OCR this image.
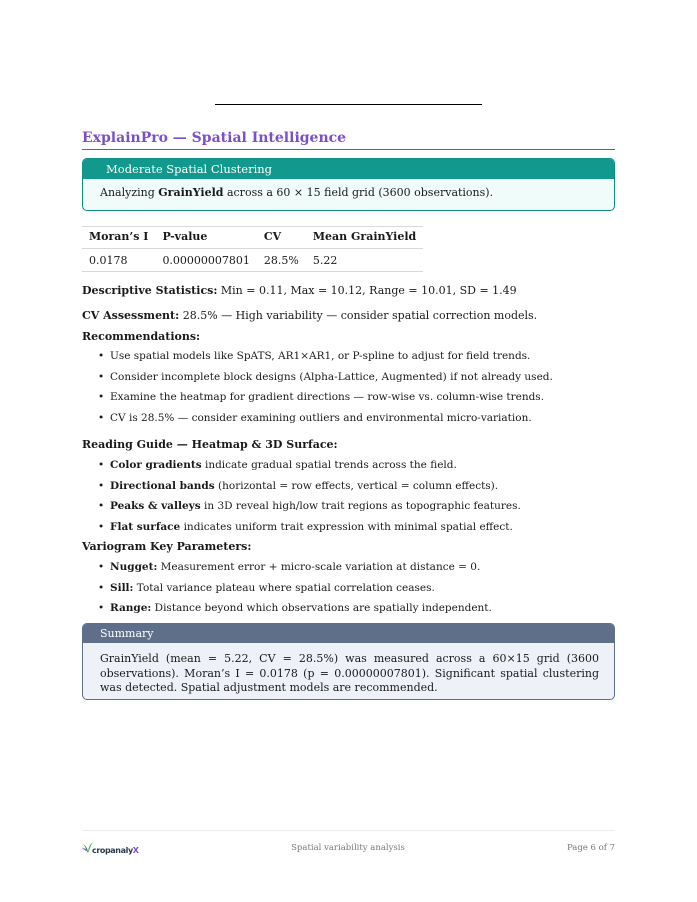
ExplainPro — Spatial Intelligence
Moderate Spatial Clustering
Analyzing GrainYield across a 60 × 15 field grid (3600 observations).
Moran’s I	P-value	CV	Mean GrainYield
0.0178	0.00000007801	28.5%	5.22
Descriptive Statistics: Min = 0.11, Max = 10.12, Range = 10.01, SD = 1.49
CV Assessment: 28.5% — High variability — consider spatial correction models.
Recommendations:
• Use spatial models like SpATS, AR1×AR1, or P-spline to adjust for field trends.
• Consider incomplete block designs (Alpha-Lattice, Augmented) if not already used.
• Examine the heatmap for gradient directions — row-wise vs. column-wise trends.
• CV is 28.5% — consider examining outliers and environmental micro-variation.
Reading Guide — Heatmap & 3D Surface:
• Color gradients indicate gradual spatial trends across the field.
• Directional bands (horizontal = row effects, vertical = column effects).
• Peaks & valleys in 3D reveal high/low trait regions as topographic features.
• Flat surface indicates uniform trait expression with minimal spatial effect.
Variogram Key Parameters:
• Nugget: Measurement error + micro-scale variation at distance = 0.
• Sill: Total variance plateau where spatial correlation ceases.
• Range: Distance beyond which observations are spatially independent.
Summary
GrainYield (mean = 5.22, CV = 28.5%) was measured across a 60×15 grid (3600 observations). Moran’s I = 0.0178 (p = 0.00000007801). Significant spatial clustering was detected. Spatial adjustment models are recommended.
cropanalyX	Spatial variability analysis	Page 6 of 7
